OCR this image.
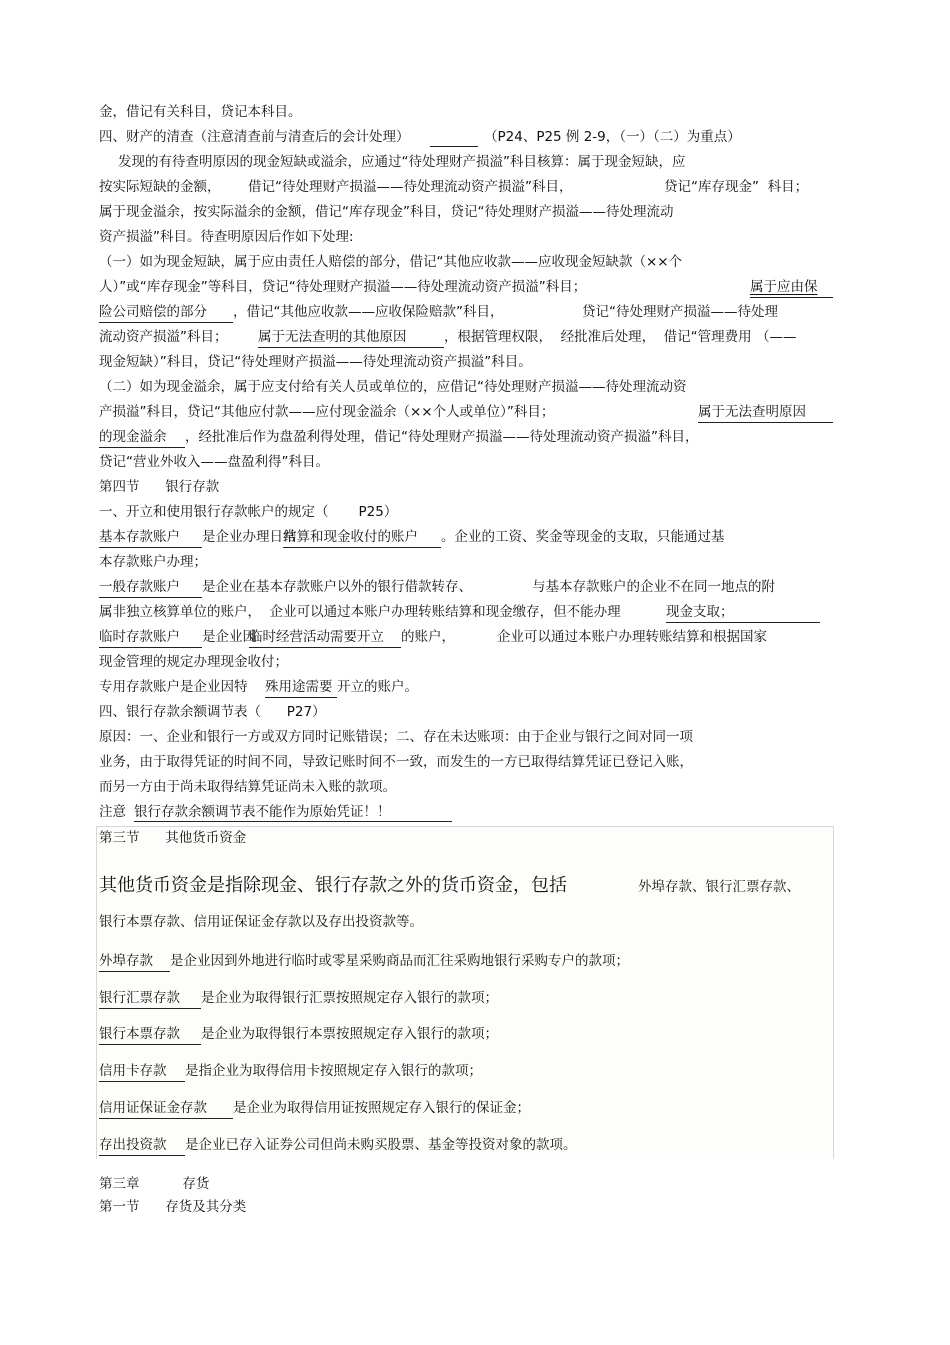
金，借记有关科目，贷记本科目。
四、财产的清查（注意清查前与清查后的会计处理）	（P24、P25 例 2-9，（一）（二）为重点）
发现的有待查明原因的现金短缺或溢余，应通过“待处理财产损溢”科目核算：属于现金短缺，应
按实际短缺的金额， 借记“待处理财产损溢——待处理流动资产损溢”科目，	贷记“库存现金”  科目；
属于现金溢余，按实际溢余的金额，借记“库存现金”科目，贷记“待处理财产损溢——待处理流动
资产损溢”科目。待查明原因后作如下处理:
（一）如为现金短缺，属于应由责任人赔偿的部分，借记“其他应收款——应收现金短缺款（××个
人）”或“库存现金”等科目，贷记“待处理财产损溢——待处理流动资产损溢”科目；	属于应由保
险公司赔偿的部分 ，借记“其他应收款——应收保险赔款”科目，	贷记“待处理财产损溢——待处理
流动资产损溢”科目； 属于无法查明的其他原因	，根据管理权限，  经批准后处理，  借记“管理费用 （——
现金短缺）”科目，贷记“待处理财产损溢——待处理流动资产损溢”科目。
（二）如为现金溢余，属于应支付给有关人员或单位的，应借记“待处理财产损溢——待处理流动资
产损溢”科目，贷记“其他应付款——应付现金溢余（××个人或单位）”科目；	属于无法查明原因
的现金溢余 ，经批准后作为盘盈利得处理，借记“待处理财产损溢——待处理流动资产损溢”科目，
贷记“营业外收入——盘盈利得”科目。
第四节      银行存款
一、开立和使用银行存款帐户的规定（       P25）
基本存款账户 是企业办理日常
结算和现金收付的账户 。企业的工资、奖金等现金的支取，只能通过基
本存款账户办理；
一般存款账户 是企业在基本存款账户以外的银行借款转存、	与基本存款账户的企业不在同一地点的附
属非独立核算单位的账户，  企业可以通过本账户办理转账结算和现金缴存，但不能办理	现金支取；
临时存款账户 是企业因
临时经营活动需要开立 的账户，	企业可以通过本账户办理转账结算和根据国家
现金管理的规定办理现金收付；
专用存款账户是企业因特 殊用途需要 开立的账户。
四、银行存款余额调节表（      P27）
原因：一、企业和银行一方或双方同时记账错误；二、存在未达账项：由于企业与银行之间对同一项
业务，由于取得凭证的时间不同，导致记账时间不一致，而发生的一方已取得结算凭证已登记入账，
而另一方由于尚未取得结算凭证尚未入账的款项。
注意 银行存款余额调节表不能作为原始凭证！！
第三节      其他货币资金
其他货币资金是指除现金、银行存款之外的货币资金，包括	外埠存款、银行汇票存款、
银行本票存款、信用证保证金存款以及存出投资款等。
外埠存款 是企业因到外地进行临时或零星采购商品而汇往采购地银行采购专户的款项；
银行汇票存款 是企业为取得银行汇票按照规定存入银行的款项；
银行本票存款 是企业为取得银行本票按照规定存入银行的款项；
信用卡存款 是指企业为取得信用卡按照规定存入银行的款项；
信用证保证金存款 是企业为取得信用证按照规定存入银行的保证金；
存出投资款 是企业已存入证券公司但尚未购买股票、基金等投资对象的款项。
第三章          存货
第一节      存货及其分类
